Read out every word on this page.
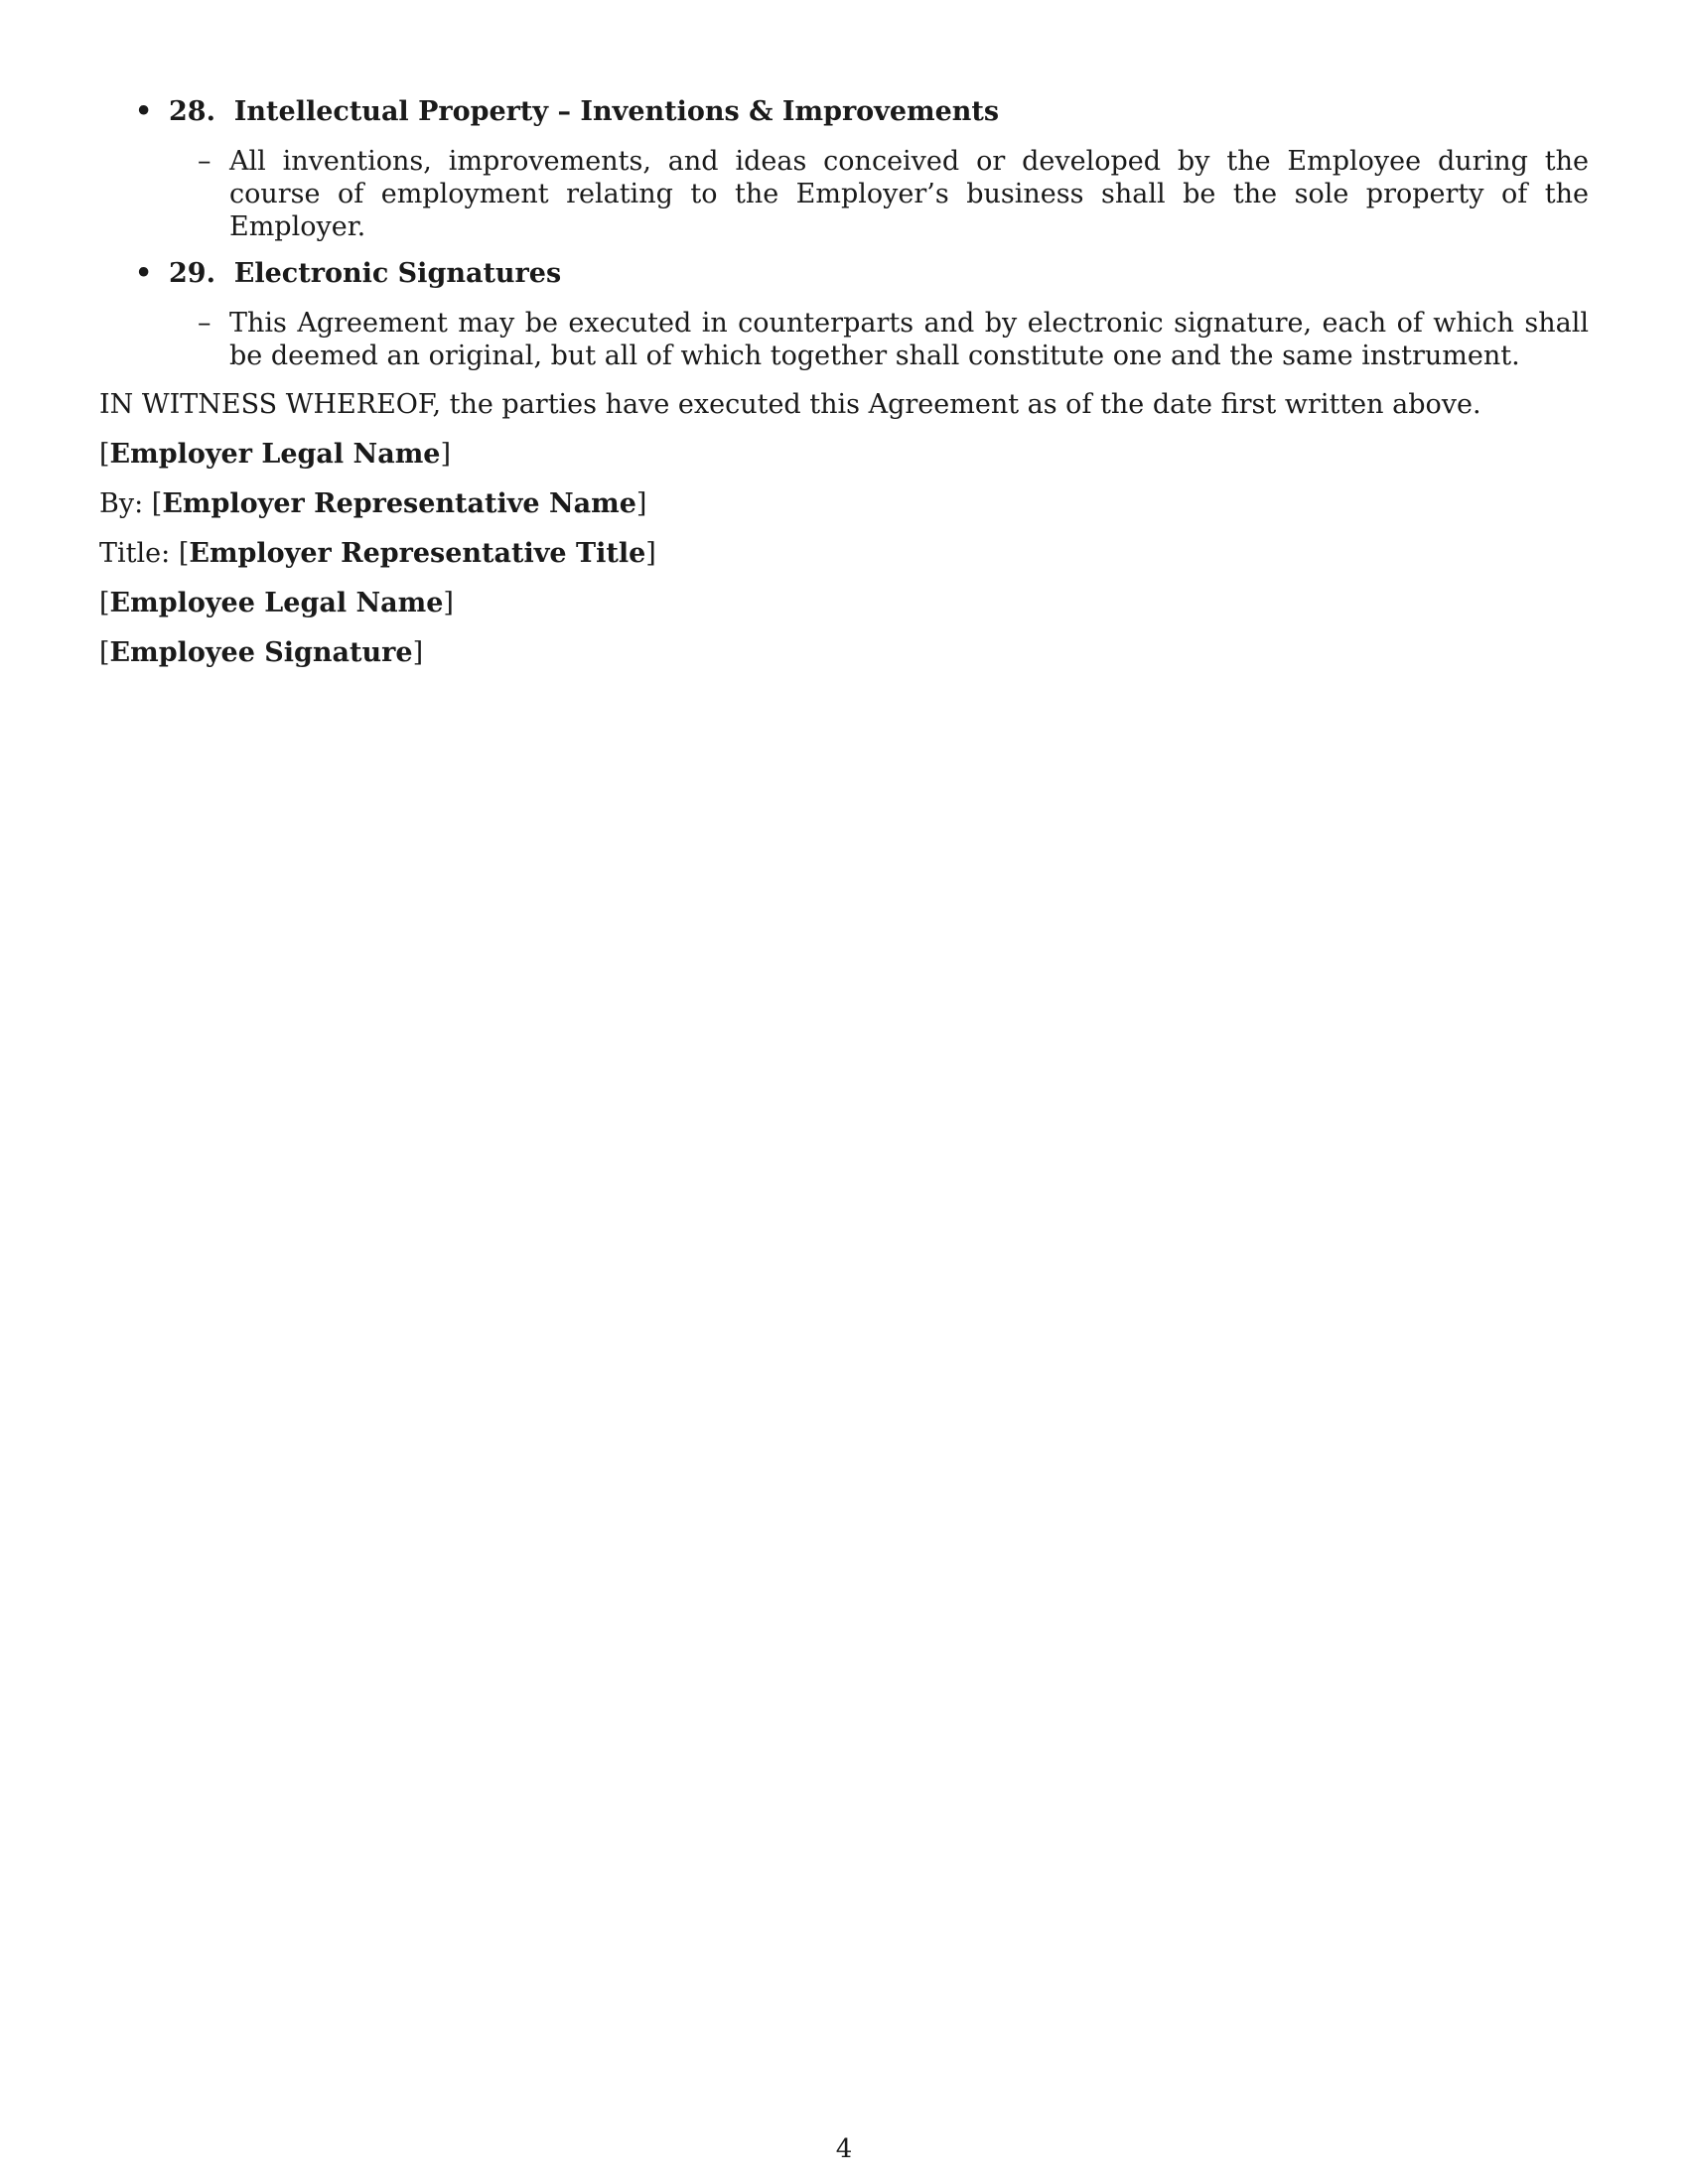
• 28. Intellectual Property – Inventions & Improvements
– All inventions, improvements, and ideas conceived or developed by the Employee during the course of employment relating to the Employer’s business shall be the sole property of the Employer.
• 29. Electronic Signatures
– This Agreement may be executed in counterparts and by electronic signature, each of which shall be deemed an original, but all of which together shall constitute one and the same instrument.

IN WITNESS WHEREOF, the parties have executed this Agreement as of the date first written above.

[Employer Legal Name]

By: [Employer Representative Name]

Title: [Employer Representative Title]

[Employee Legal Name]

[Employee Signature]

4
